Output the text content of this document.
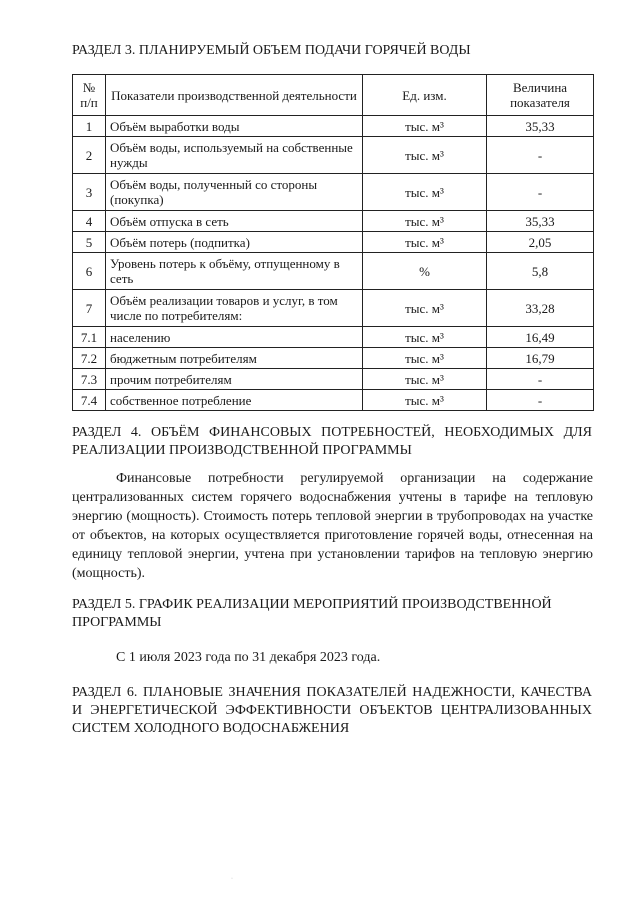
РАЗДЕЛ 3. ПЛАНИРУЕМЫЙ ОБЪЕМ ПОДАЧИ ГОРЯЧЕЙ ВОДЫ
№ п/п	Показатели производственной деятельности	Ед. изм.	Величина показателя
1	Объём выработки воды	тыс. м³	35,33
2	Объём воды, используемый на собственные нужды	тыс. м³	-
3	Объём воды, полученный со стороны (покупка)	тыс. м³	-
4	Объём отпуска в сеть	тыс. м³	35,33
5	Объём потерь (подпитка)	тыс. м³	2,05
6	Уровень потерь к объёму, отпущенному в сеть	%	5,8
7	Объём реализации товаров и услуг, в том числе по потребителям:	тыс. м³	33,28
7.1	населению	тыс. м³	16,49
7.2	бюджетным потребителям	тыс. м³	16,79
7.3	прочим потребителям	тыс. м³	-
7.4	собственное потребление	тыс. м³	-
РАЗДЕЛ 4. ОБЪЁМ ФИНАНСОВЫХ ПОТРЕБНОСТЕЙ, НЕОБХОДИМЫХ ДЛЯ РЕАЛИЗАЦИИ ПРОИЗВОДСТВЕННОЙ ПРОГРАММЫ

Финансовые потребности регулируемой организации на содержание централизованных систем горячего водоснабжения учтены в тарифе на тепловую энергию (мощность). Стоимость потерь тепловой энергии в трубопроводах на участке от объектов, на которых осуществляется приготовление горячей воды, отнесенная на единицу тепловой энергии, учтена при установлении тарифов на тепловую энергию (мощность).

РАЗДЕЛ 5. ГРАФИК РЕАЛИЗАЦИИ МЕРОПРИЯТИЙ ПРОИЗВОДСТВЕННОЙ ПРОГРАММЫ

С 1 июля 2023 года по 31 декабря 2023 года.

РАЗДЕЛ 6. ПЛАНОВЫЕ ЗНАЧЕНИЯ ПОКАЗАТЕЛЕЙ НАДЕЖНОСТИ, КАЧЕСТВА И ЭНЕРГЕТИЧЕСКОЙ ЭФФЕКТИВНОСТИ ОБЪЕКТОВ ЦЕНТРАЛИЗОВАННЫХ СИСТЕМ ХОЛОДНОГО ВОДОСНАБЖЕНИЯ
·
